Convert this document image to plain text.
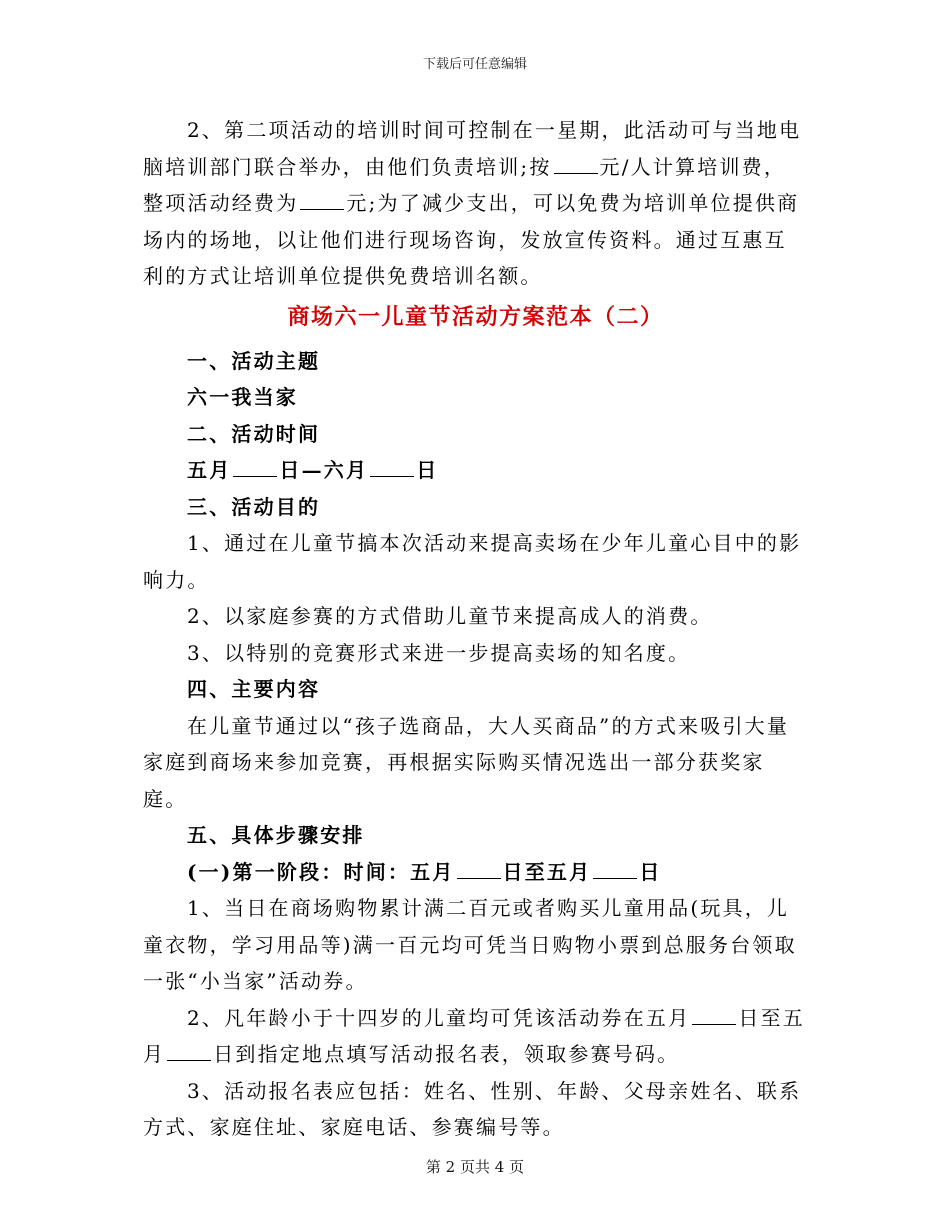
下载后可任意编辑

2、第二项活动的培训时间可控制在一星期，此活动可与当地电脑培训部门联合举办，由他们负责培训;按 元/人计算培训费，整项活动经费为 元;为了减少支出，可以免费为培训单位提供商场内的场地，以让他们进行现场咨询，发放宣传资料。通过互惠互利的方式让培训单位提供免费培训名额。

商场六一儿童节活动方案范本（二）

一、活动主题

六一我当家

二、活动时间

五月 日—六月 日

三、活动目的

1、通过在儿童节搞本次活动来提高卖场在少年儿童心目中的影响力。

2、以家庭参赛的方式借助儿童节来提高成人的消费。

3、以特别的竞赛形式来进一步提高卖场的知名度。

四、主要内容

在儿童节通过以“孩子选商品，大人买商品”的方式来吸引大量家庭到商场来参加竞赛，再根据实际购买情况选出一部分获奖家庭。

五、具体步骤安排

(一)第一阶段：时间：五月 日至五月 日

1、当日在商场购物累计满二百元或者购买儿童用品(玩具，儿童衣物，学习用品等)满一百元均可凭当日购物小票到总服务台领取一张“小当家”活动券。

2、凡年龄小于十四岁的儿童均可凭该活动券在五月 日至五月 日到指定地点填写活动报名表，领取参赛号码。

3、活动报名表应包括：姓名、性别、年龄、父母亲姓名、联系方式、家庭住址、家庭电话、参赛编号等。

第 2 页共 4 页
